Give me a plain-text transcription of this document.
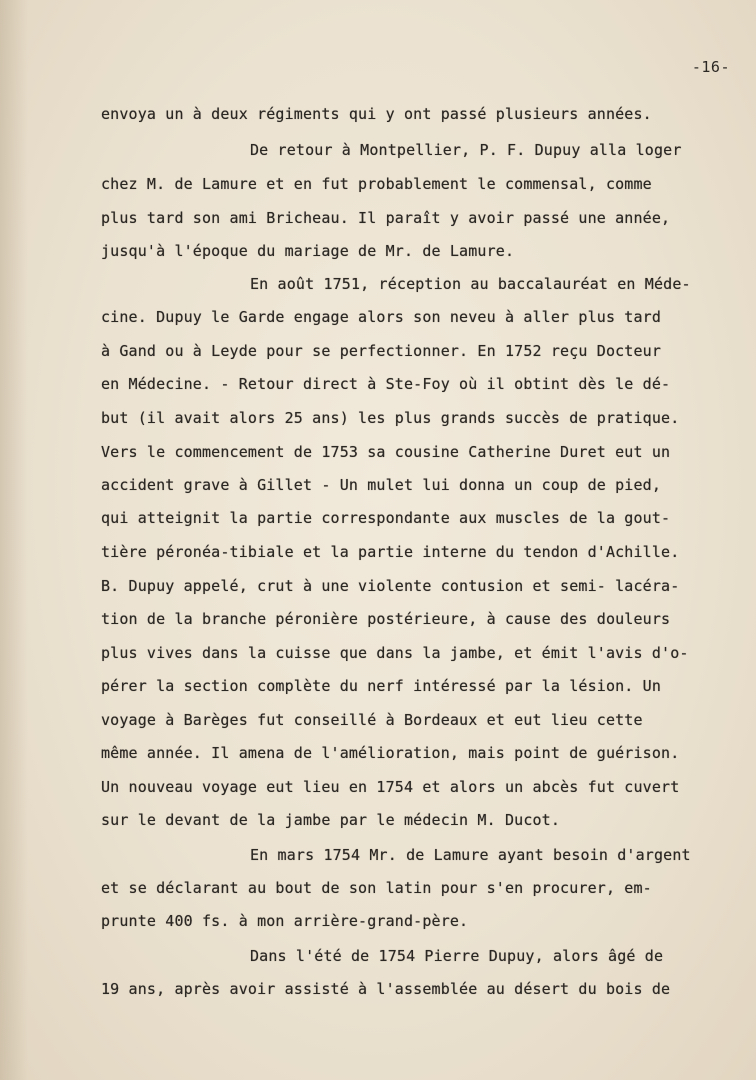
-16-
envoya un à deux régiments qui y ont passé plusieurs années.
De retour à Montpellier, P. F. Dupuy alla loger
chez M. de Lamure et en fut probablement le commensal, comme
plus tard son ami Bricheau. Il paraît y avoir passé une année,
jusqu'à l'époque du mariage de Mr. de Lamure.
En août 1751, réception au baccalauréat en Méde-
cine. Dupuy le Garde engage alors son neveu à aller plus tard
à Gand ou à Leyde pour se perfectionner. En 1752 reçu Docteur
en Médecine. - Retour direct à Ste-Foy où il obtint dès le dé-
but (il avait alors 25 ans) les plus grands succès de pratique.
Vers le commencement de 1753 sa cousine Catherine Duret eut un
accident grave à Gillet - Un mulet lui donna un coup de pied,
qui atteignit la partie correspondante aux muscles de la gout-
tière péronéa-tibiale et la partie interne du tendon d'Achille.
B. Dupuy appelé, crut à une violente contusion et semi- lacéra-
tion de la branche péronière postérieure, à cause des douleurs
plus vives dans la cuisse que dans la jambe, et émit l'avis d'o-
pérer la section complète du nerf intéressé par la lésion. Un
voyage à Barèges fut conseillé à Bordeaux et eut lieu cette
même année. Il amena de l'amélioration, mais point de guérison.
Un nouveau voyage eut lieu en 1754 et alors un abcès fut cuvert
sur le devant de la jambe par le médecin M. Ducot.
En mars 1754 Mr. de Lamure ayant besoin d'argent
et se déclarant au bout de son latin pour s'en procurer, em-
prunte 400 fs. à mon arrière-grand-père.
Dans l'été de 1754 Pierre Dupuy, alors âgé de
19 ans, après avoir assisté à l'assemblée au désert du bois de
